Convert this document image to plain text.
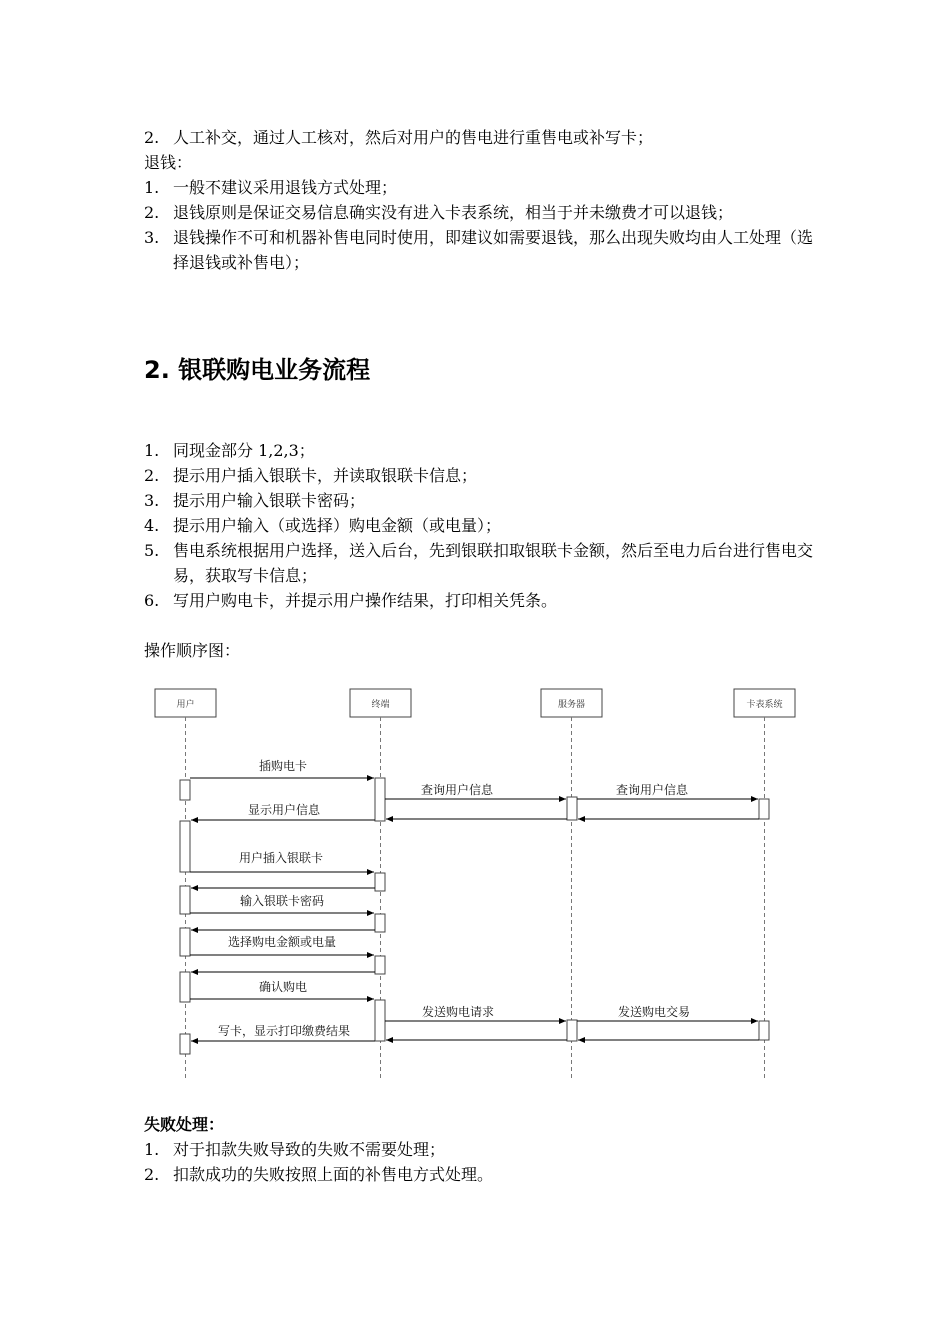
2. 人工补交，通过人工核对，然后对用户的售电进行重售电或补写卡；
退钱：
1. 一般不建议采用退钱方式处理；
2. 退钱原则是保证交易信息确实没有进入卡表系统，相当于并未缴费才可以退钱；
3. 退钱操作不可和机器补售电同时使用，即建议如需要退钱，那么出现失败均由人工处理（选择退钱或补售电）；
2. 银联购电业务流程
1. 同现金部分 1,2,3；
2. 提示用户插入银联卡，并读取银联卡信息；
3. 提示用户输入银联卡密码；
4. 提示用户输入（或选择）购电金额（或电量）；
5. 售电系统根据用户选择，送入后台，先到银联扣取银联卡金额，然后至电力后台进行售电交易，获取写卡信息；
6. 写用户购电卡，并提示用户操作结果，打印相关凭条。
操作顺序图：
用户	终端	服务器	卡表系统
插购电卡
查询用户信息	查询用户信息
显示用户信息
用户插入银联卡
输入银联卡密码
选择购电金额或电量
确认购电
发送购电请求	发送购电交易
写卡，显示打印缴费结果
失败处理：
1. 对于扣款失败导致的失败不需要处理；
2. 扣款成功的失败按照上面的补售电方式处理。
